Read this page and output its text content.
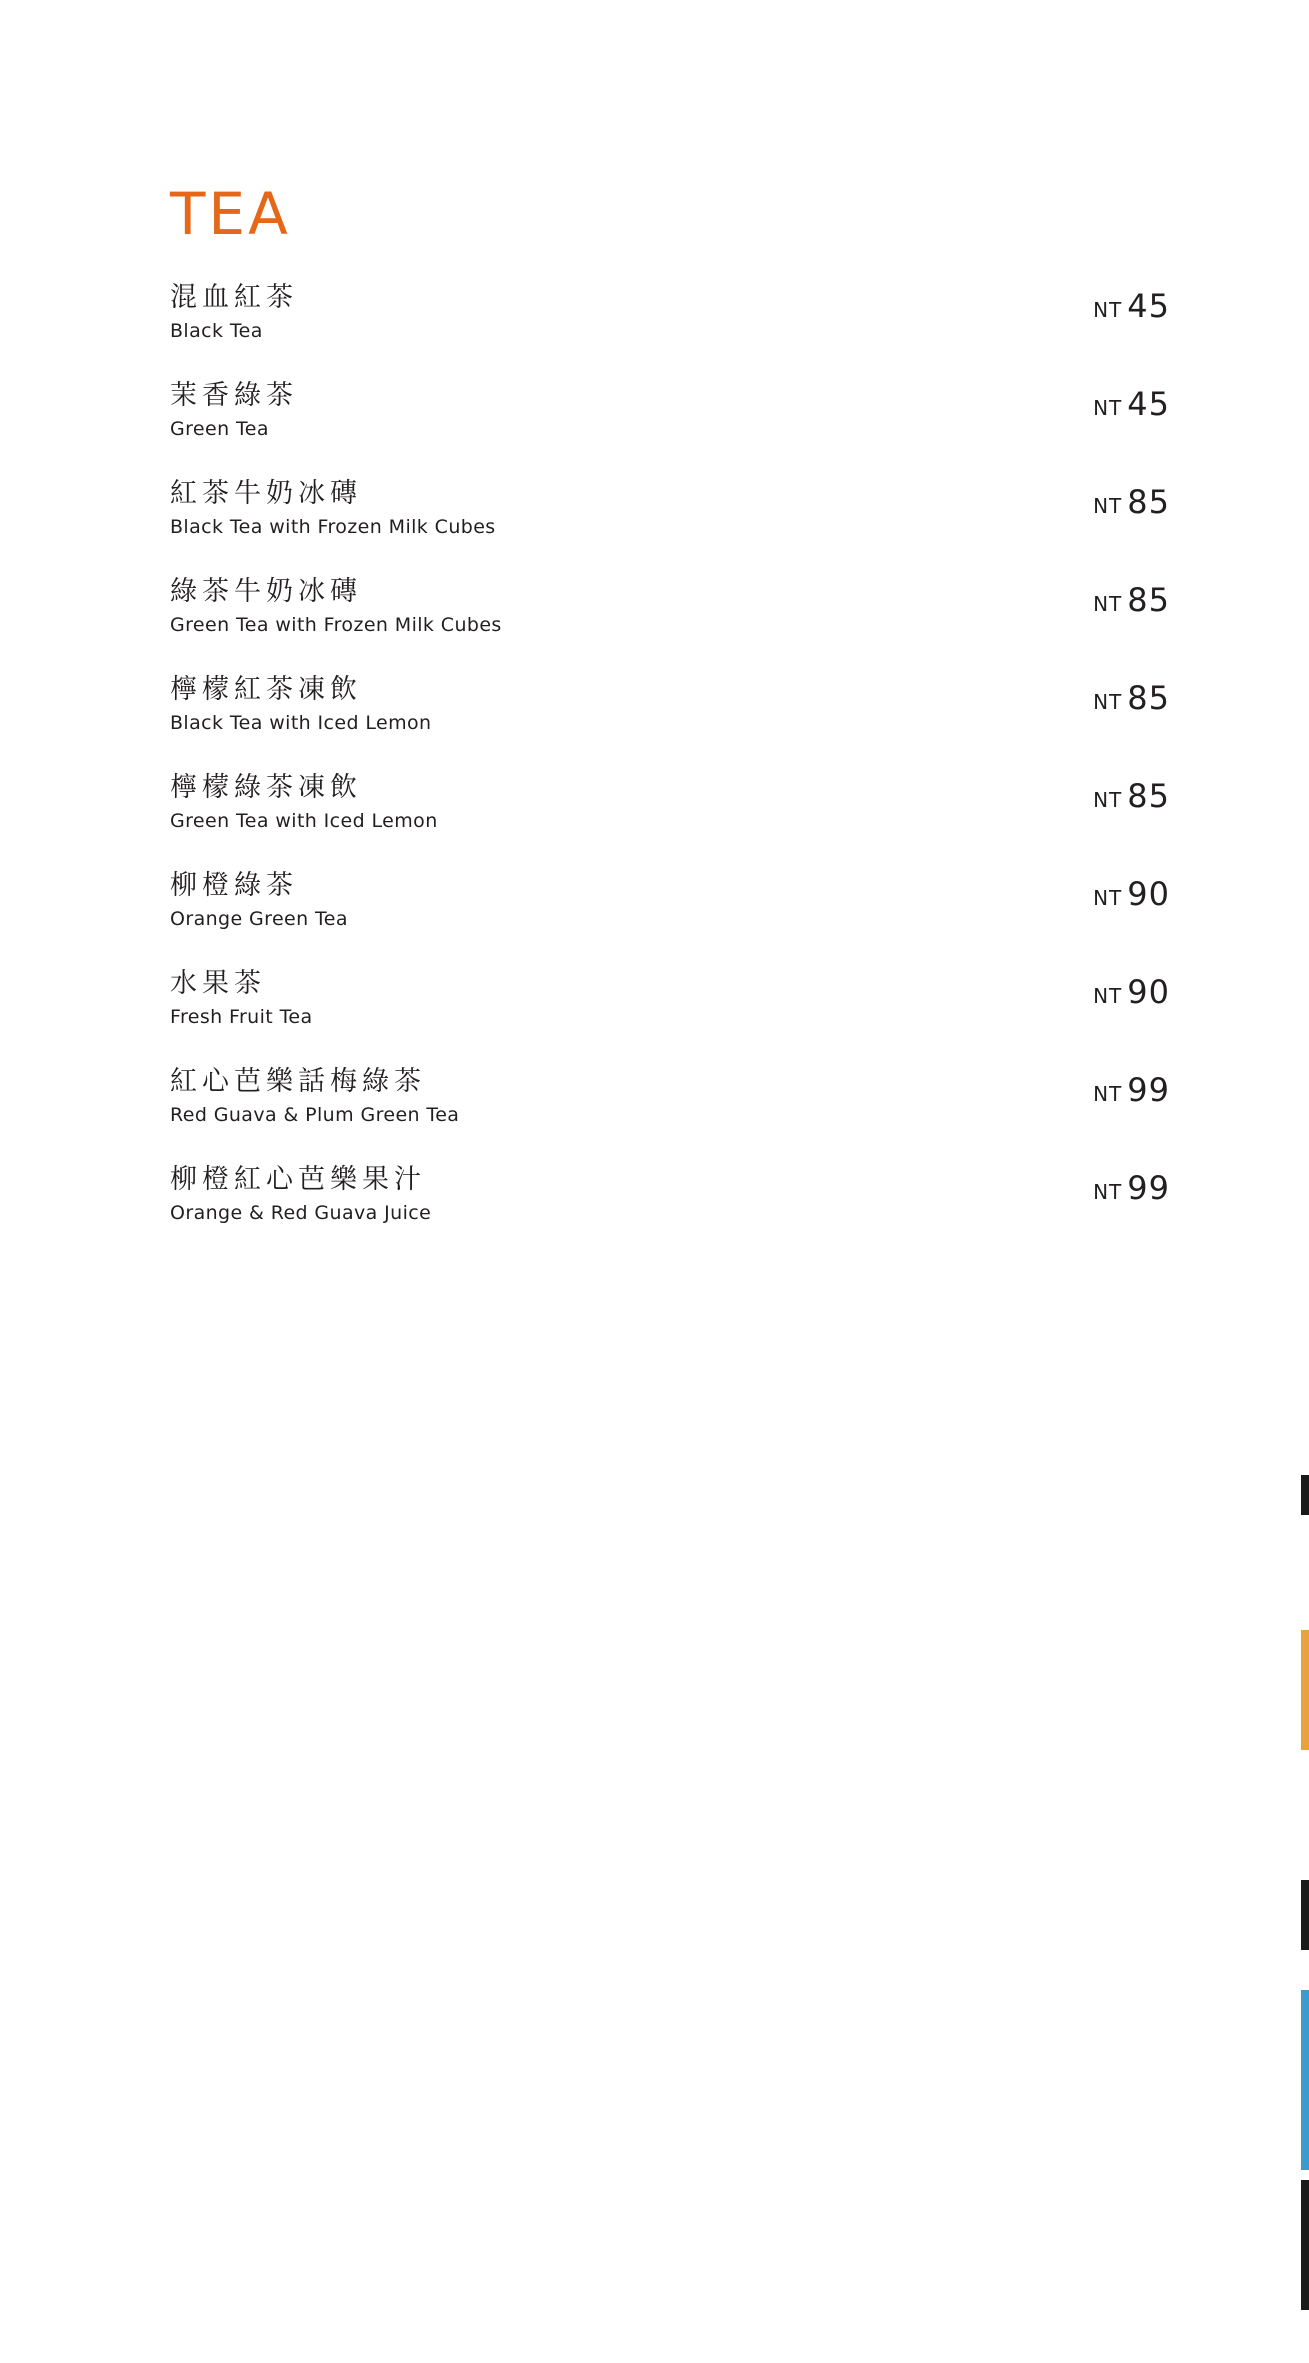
TEA
混血紅茶
Black Tea
NT 45
茉香綠茶
Green Tea
NT 45
紅茶牛奶冰磚
Black Tea with Frozen Milk Cubes
NT 85
綠茶牛奶冰磚
Green Tea with Frozen Milk Cubes
NT 85
檸檬紅茶凍飲
Black Tea with Iced Lemon
NT 85
檸檬綠茶凍飲
Green Tea with Iced Lemon
NT 85
柳橙綠茶
Orange Green Tea
NT 90
水果茶
Fresh Fruit Tea
NT 90
紅心芭樂話梅綠茶
Red Guava & Plum Green Tea
NT 99
柳橙紅心芭樂果汁
Orange & Red Guava Juice
NT 99
